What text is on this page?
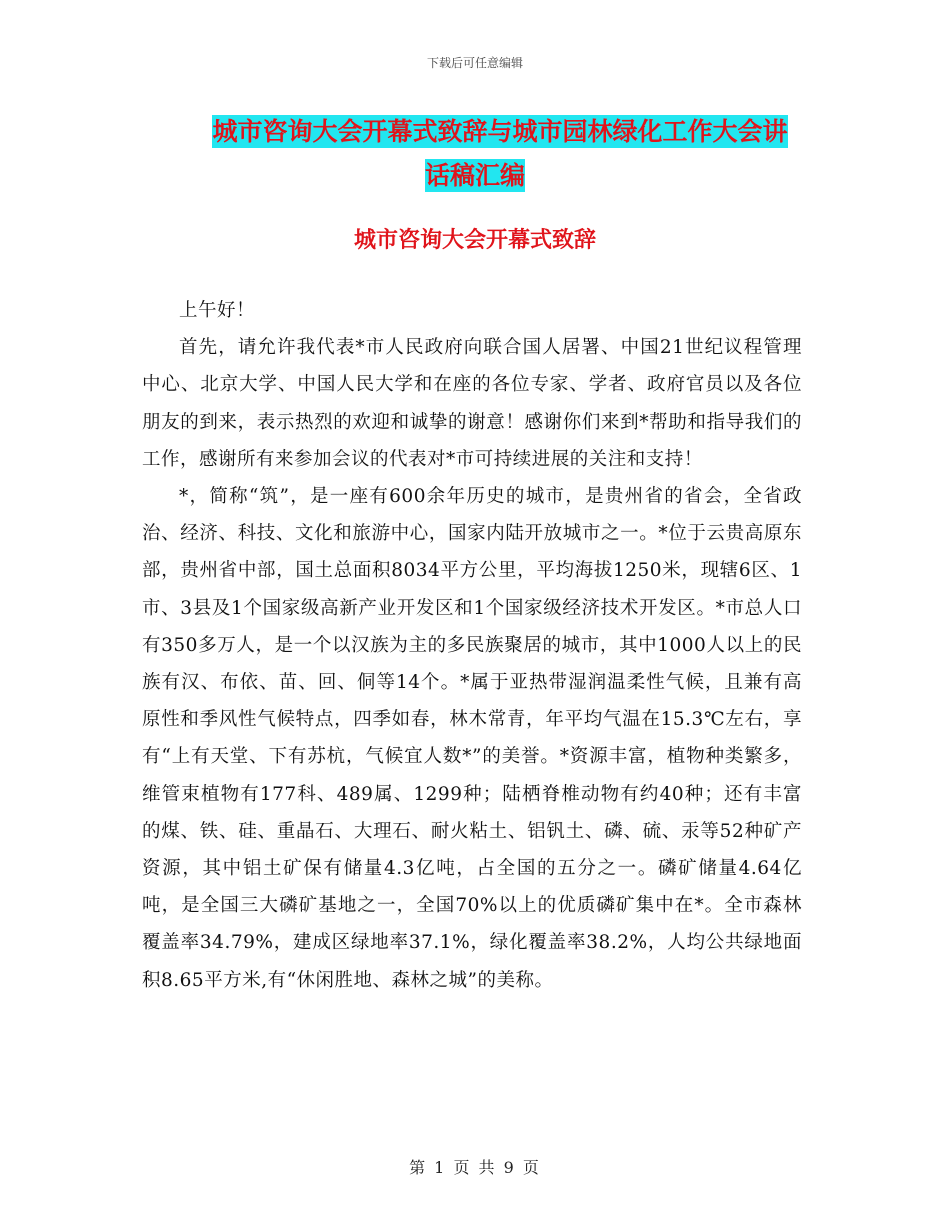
下载后可任意编辑
城市咨询大会开幕式致辞与城市园林绿化工作大会讲
话稿汇编
城市咨询大会开幕式致辞

上午好！

首先，请允许我代表*市人民政府向联合国人居署、中国21世纪议程管理中心、北京大学、中国人民大学和在座的各位专家、学者、政府官员以及各位朋友的到来，表示热烈的欢迎和诚挚的谢意！感谢你们来到*帮助和指导我们的工作，感谢所有来参加会议的代表对*市可持续进展的关注和支持！

*，简称“筑”，是一座有600余年历史的城市，是贵州省的省会，全省政治、经济、科技、文化和旅游中心，国家内陆开放城市之一。*位于云贵高原东部，贵州省中部，国土总面积8034平方公里，平均海拔1250米，现辖6区、1市、3县及1个国家级高新产业开发区和1个国家级经济技术开发区。*市总人口有350多万人，是一个以汉族为主的多民族聚居的城市，其中1000人以上的民族有汉、布依、苗、回、侗等14个。*属于亚热带湿润温柔性气候，且兼有高原性和季风性气候特点，四季如春，林木常青，年平均气温在15.3℃左右，享有“上有天堂、下有苏杭，气候宜人数*”的美誉。*资源丰富，植物种类繁多，维管束植物有177科、489属、1299种；陆栖脊椎动物有约40种；还有丰富的煤、铁、硅、重晶石、大理石、耐火粘土、铝钒土、磷、硫、汞等52种矿产资源，其中铝土矿保有储量4.3亿吨，占全国的五分之一。磷矿储量4.64亿吨，是全国三大磷矿基地之一，全国70%以上的优质磷矿集中在*。全市森林覆盖率34.79%，建成区绿地率37.1%，绿化覆盖率38.2%，人均公共绿地面积8.65平方米,有“休闲胜地、森林之城”的美称。

第 1 页 共 9 页
